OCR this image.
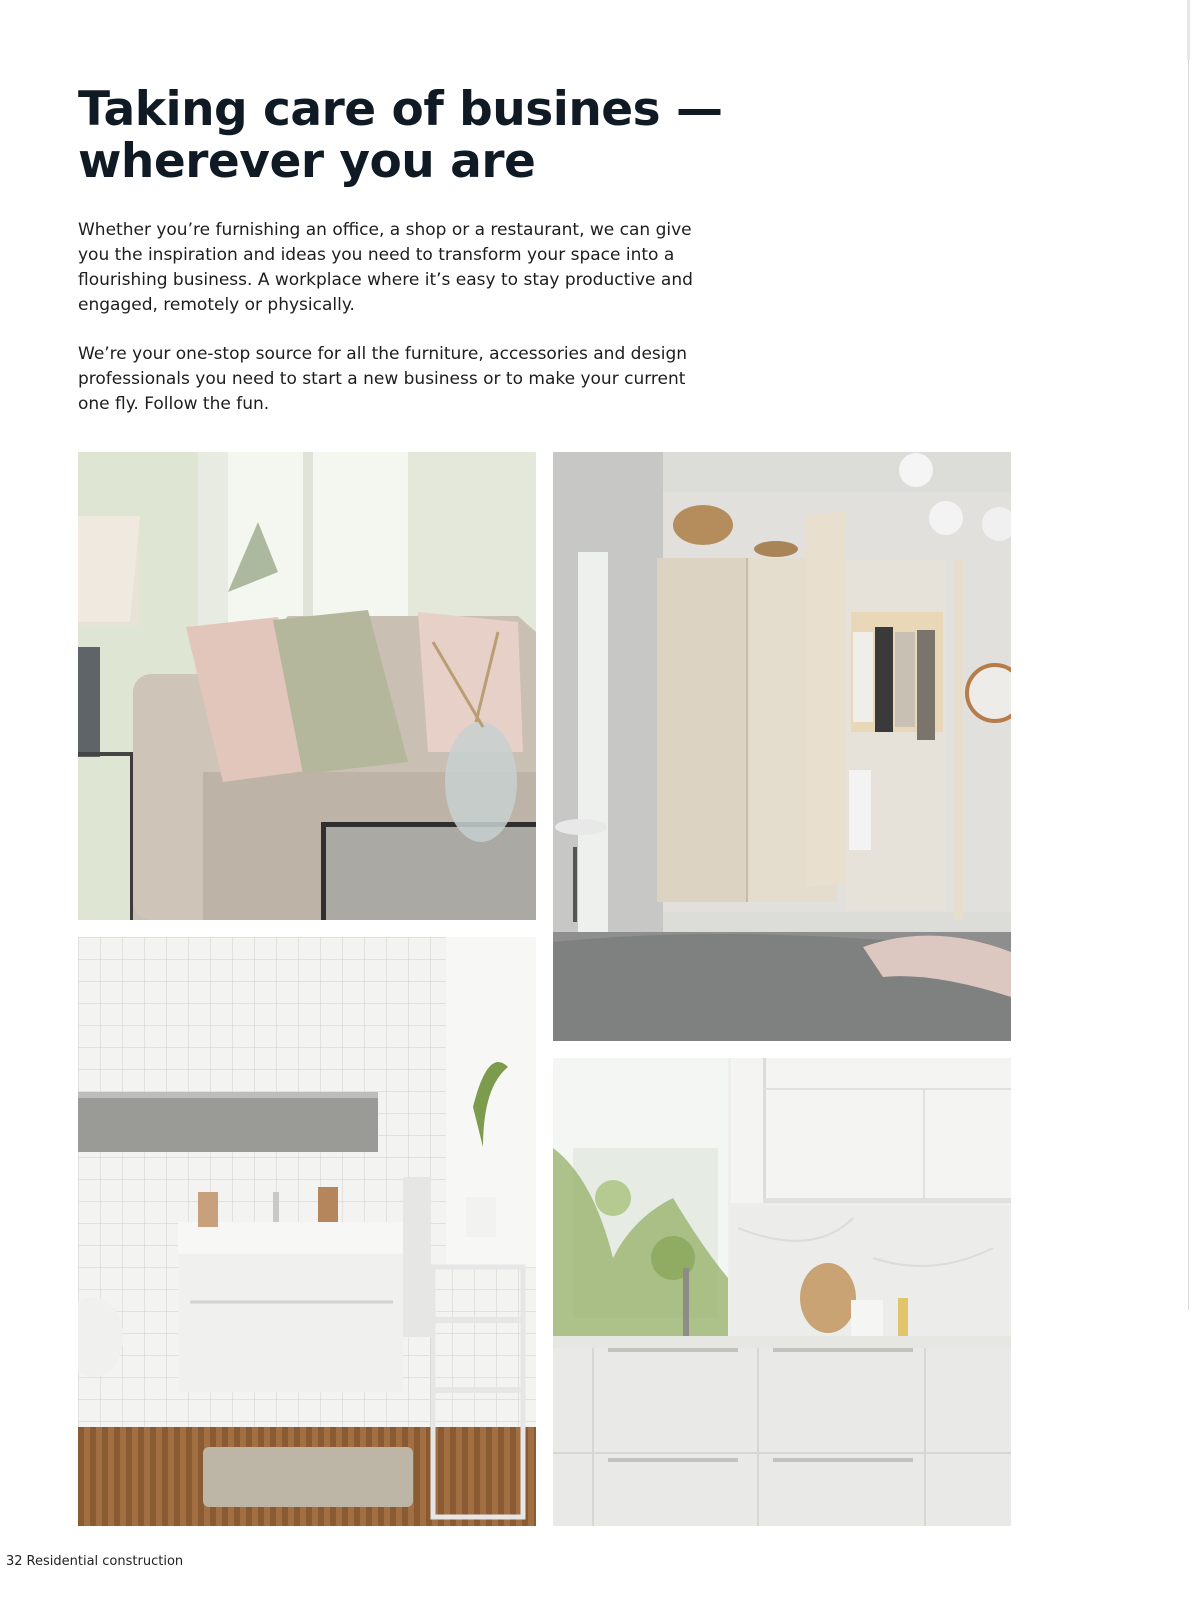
Taking care of busines — wherever you are

Whether you’re furnishing an office, a shop or a restaurant, we can give you the inspiration and ideas you need to transform your space into a flourishing business. A workplace where it’s easy to stay productive and engaged, remotely or physically.

We’re your one-stop source for all the furniture, accessories and design professionals you need to start a new business or to make your current one fly. Follow the fun.

32 Residential construction
